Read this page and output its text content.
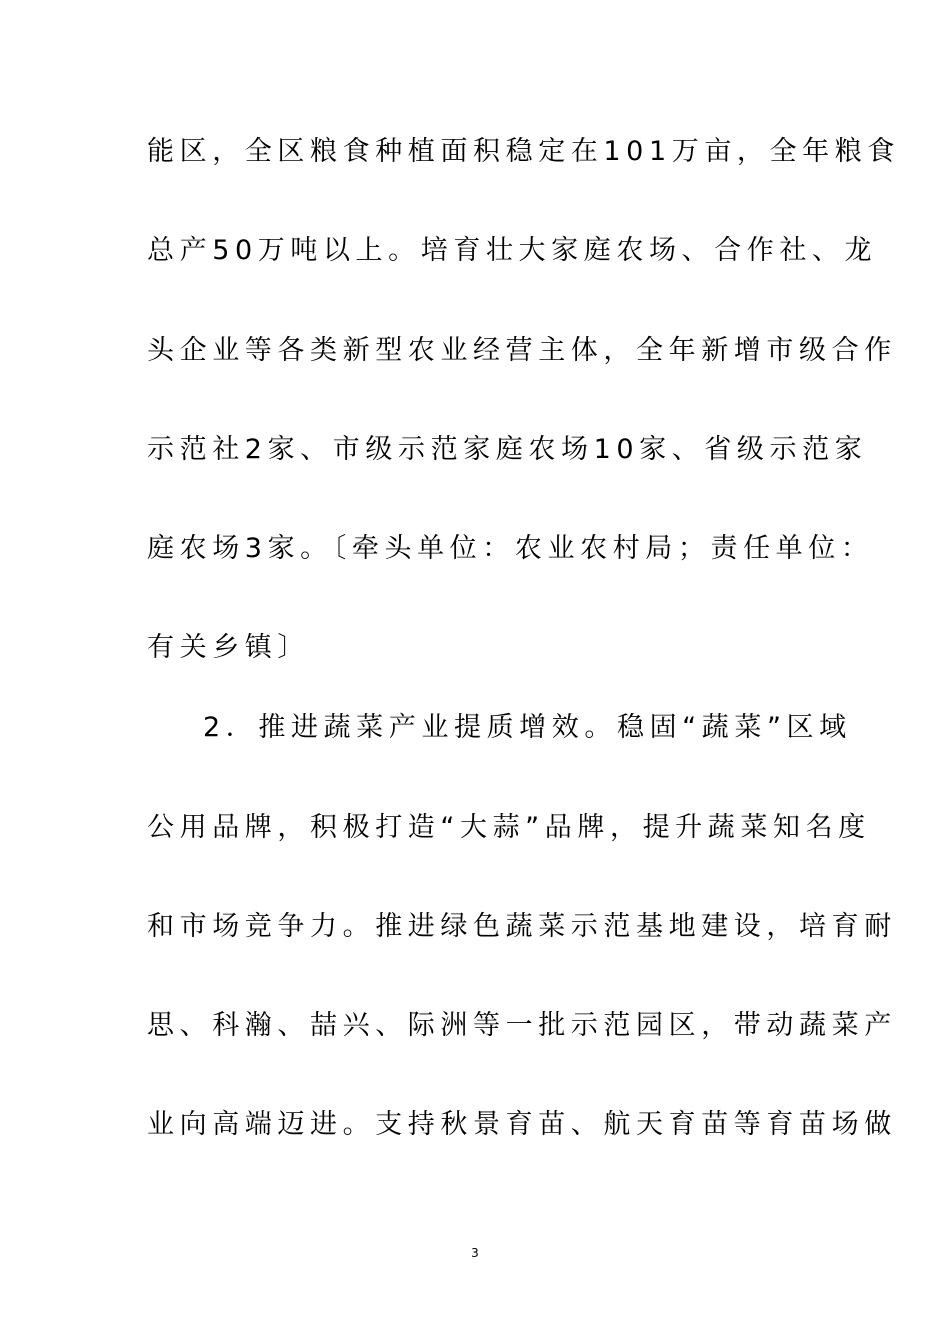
能区，全区粮食种植面积稳定在101万亩，全年粮食
总产50万吨以上。培育壮大家庭农场、合作社、龙
头企业等各类新型农业经营主体，全年新增市级合作
示范社2家、市级示范家庭农场10家、省级示范家
庭农场3家。〔牵头单位：农业农村局；责任单位：
有关乡镇〕
2．推进蔬菜产业提质增效。稳固“蔬菜”区域
公用品牌，积极打造“大蒜”品牌，提升蔬菜知名度
和市场竞争力。推进绿色蔬菜示范基地建设，培育耐
思、科瀚、喆兴、际洲等一批示范园区，带动蔬菜产
业向高端迈进。支持秋景育苗、航天育苗等育苗场做
3
